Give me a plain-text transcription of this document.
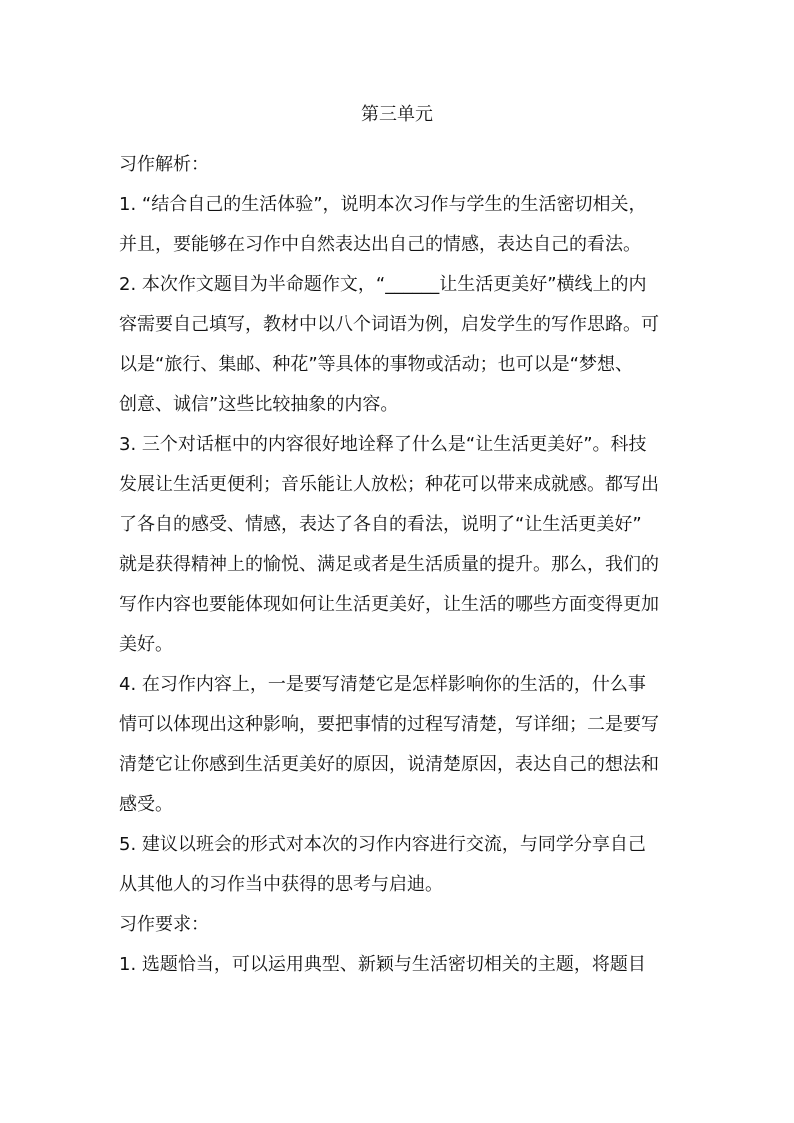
第三单元
习作解析：
1. “结合自己的生活体验”，说明本次习作与学生的生活密切相关，
并且，要能够在习作中自然表达出自己的情感，表达自己的看法。
2. 本次作文题目为半命题作文，“______让生活更美好”横线上的内
容需要自己填写，教材中以八个词语为例，启发学生的写作思路。可
以是“旅行、集邮、种花”等具体的事物或活动；也可以是“梦想、
创意、诚信”这些比较抽象的内容。
3. 三个对话框中的内容很好地诠释了什么是“让生活更美好”。科技
发展让生活更便利；音乐能让人放松；种花可以带来成就感。都写出
了各自的感受、情感，表达了各自的看法，说明了“让生活更美好”
就是获得精神上的愉悦、满足或者是生活质量的提升。那么，我们的
写作内容也要能体现如何让生活更美好，让生活的哪些方面变得更加
美好。
4. 在习作内容上，一是要写清楚它是怎样影响你的生活的，什么事
情可以体现出这种影响，要把事情的过程写清楚，写详细；二是要写
清楚它让你感到生活更美好的原因，说清楚原因，表达自己的想法和
感受。
5. 建议以班会的形式对本次的习作内容进行交流，与同学分享自己
从其他人的习作当中获得的思考与启迪。
习作要求：
1. 选题恰当，可以运用典型、新颖与生活密切相关的主题，将题目
